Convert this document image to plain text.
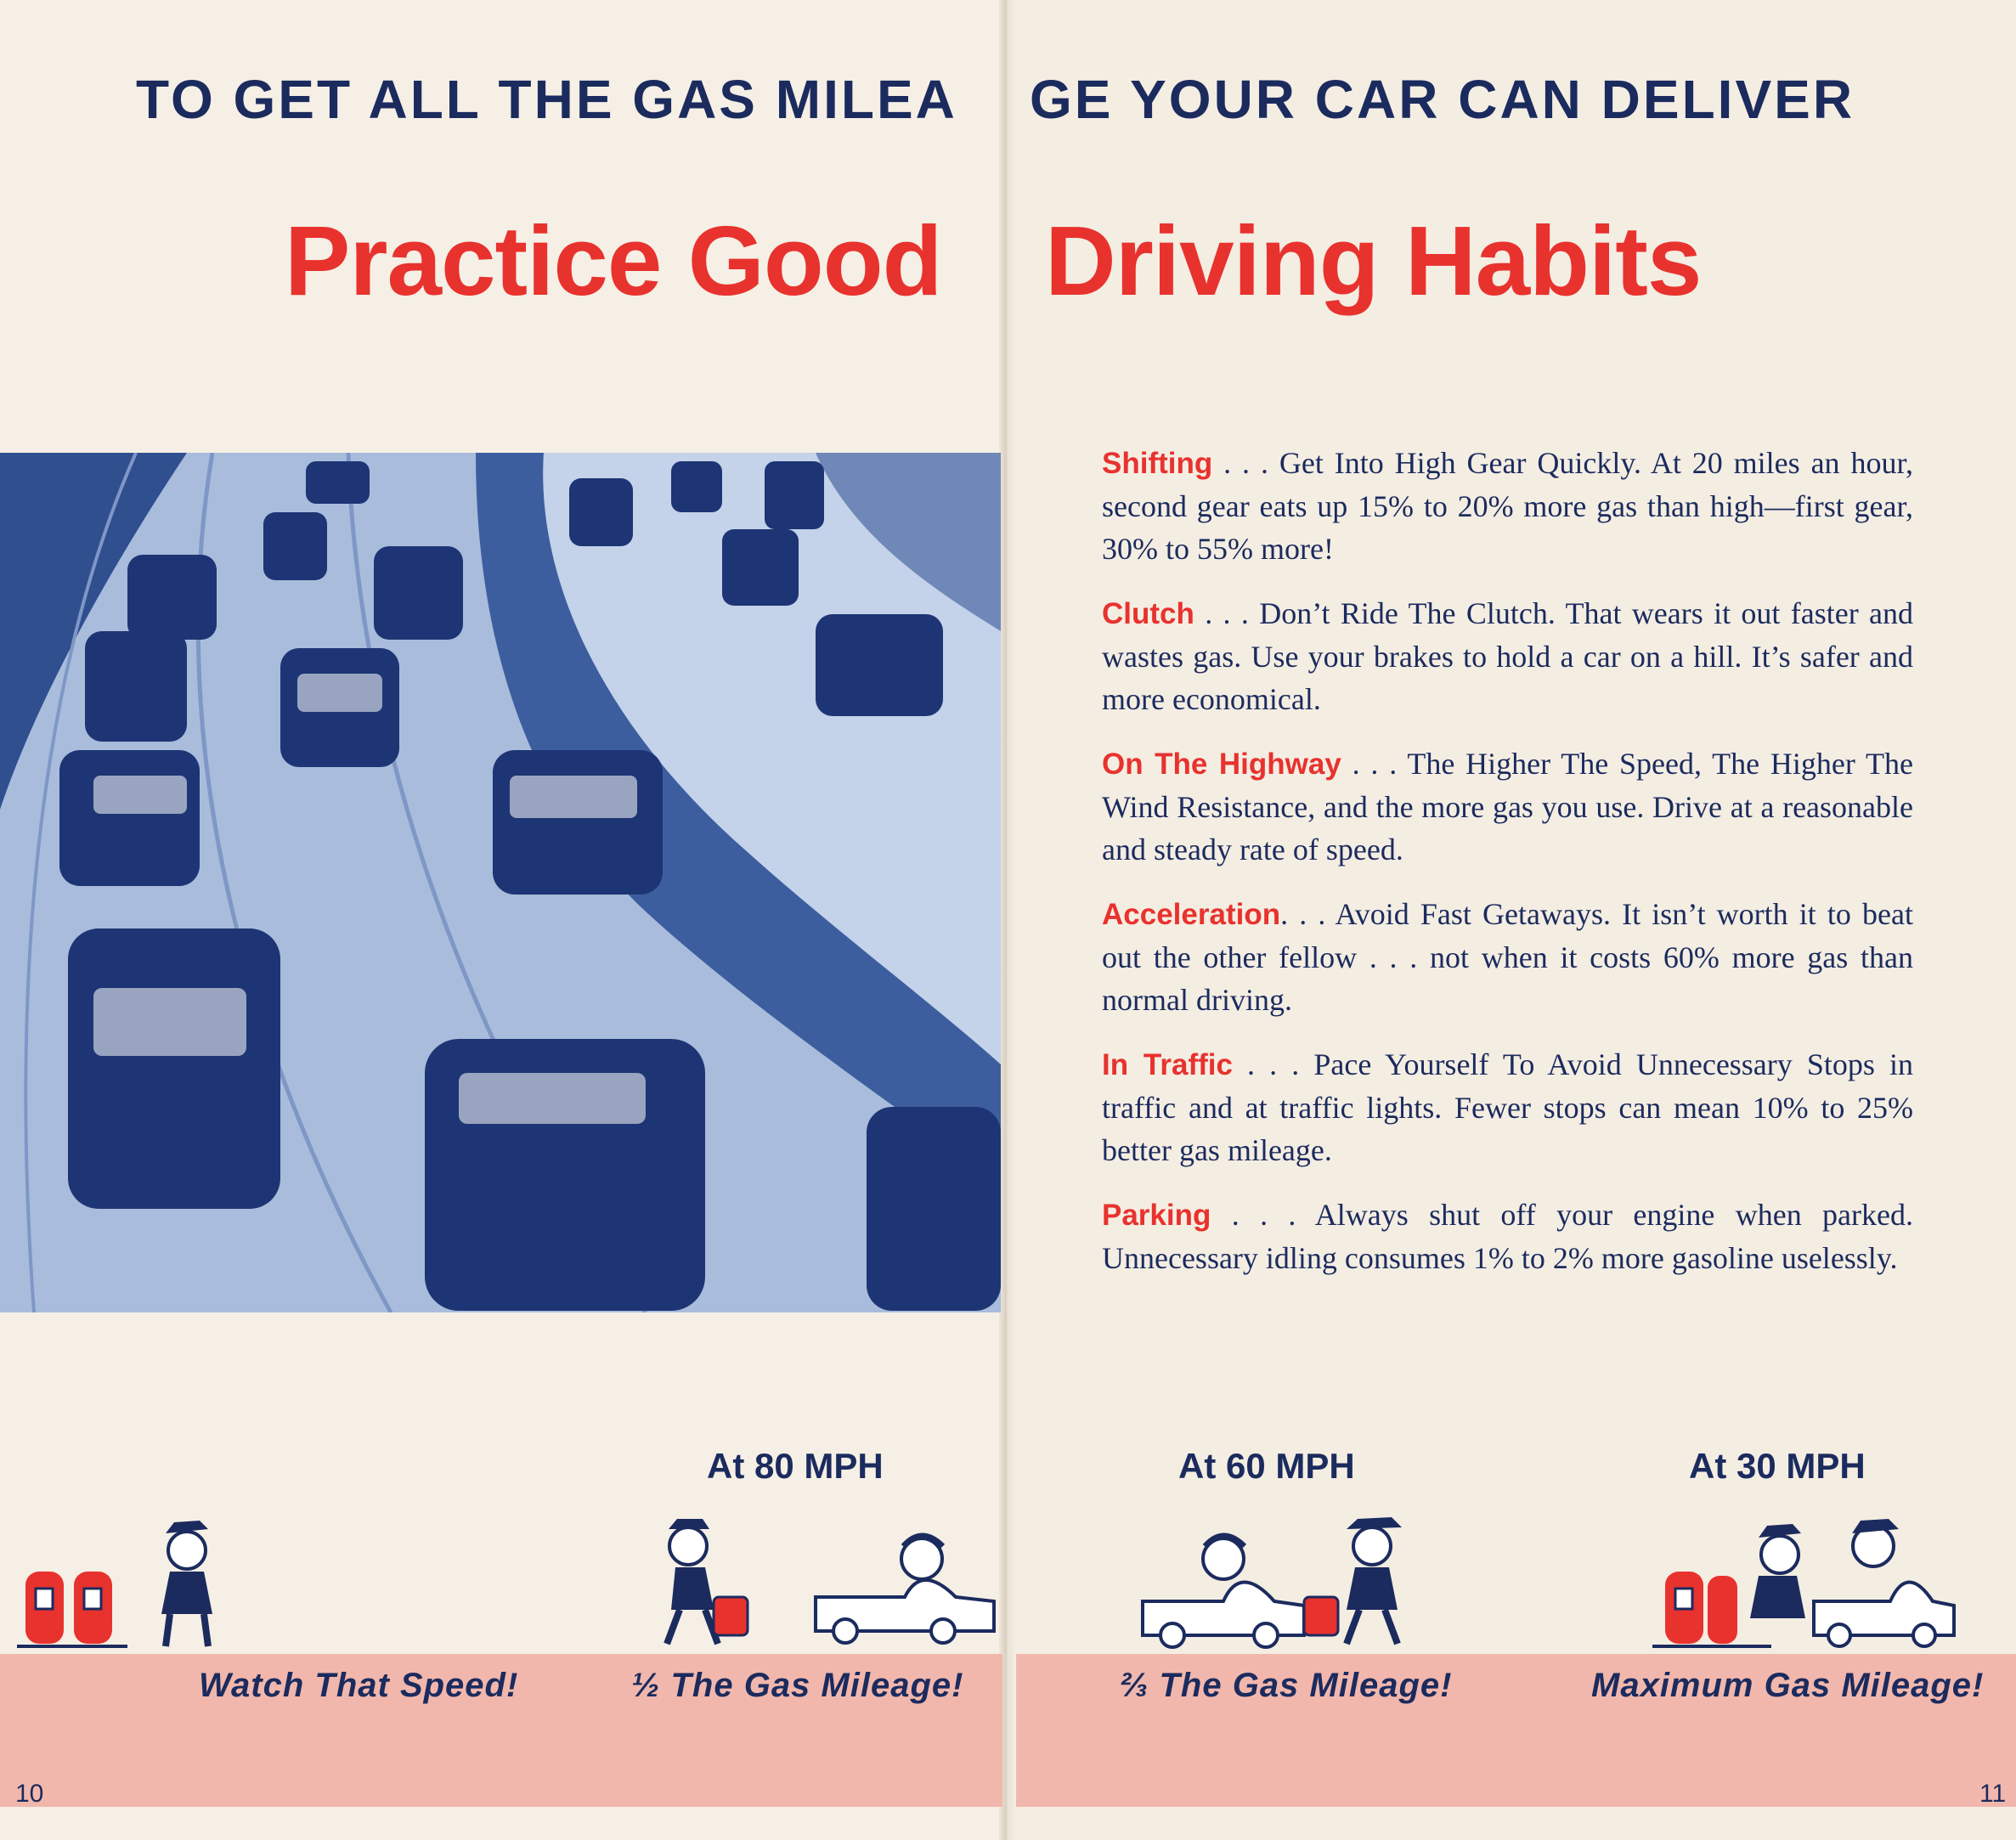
TO GET ALL THE GAS MILEA GE YOUR CAR CAN DELIVER
Practice Good Driving Habits
Shifting . . . Get Into High Gear Quickly. At 20 miles an hour, second gear eats up 15% to 20% more gas than high—first gear, 30% to 55% more!
Clutch . . . Don’t Ride The Clutch. That wears it out faster and wastes gas. Use your brakes to hold a car on a hill. It’s safer and more economical.
On The Highway . . . The Higher The Speed, The Higher The Wind Resistance, and the more gas you use. Drive at a reasonable and steady rate of speed.
Acceleration. . . Avoid Fast Getaways. It isn’t worth it to beat out the other fellow . . . not when it costs 60% more gas than normal driving.
In Traffic . . . Pace Yourself To Avoid Unnecessary Stops in traffic and at traffic lights. Fewer stops can mean 10% to 25% better gas mileage.
Parking . . . Always shut off your engine when parked. Unnecessary idling consumes 1% to 2% more gasoline uselessly.
At 80 MPH	At 60 MPH	At 30 MPH
Watch That Speed!	½ The Gas Mileage!	⅔ The Gas Mileage!	Maximum Gas Mileage!
10	11
